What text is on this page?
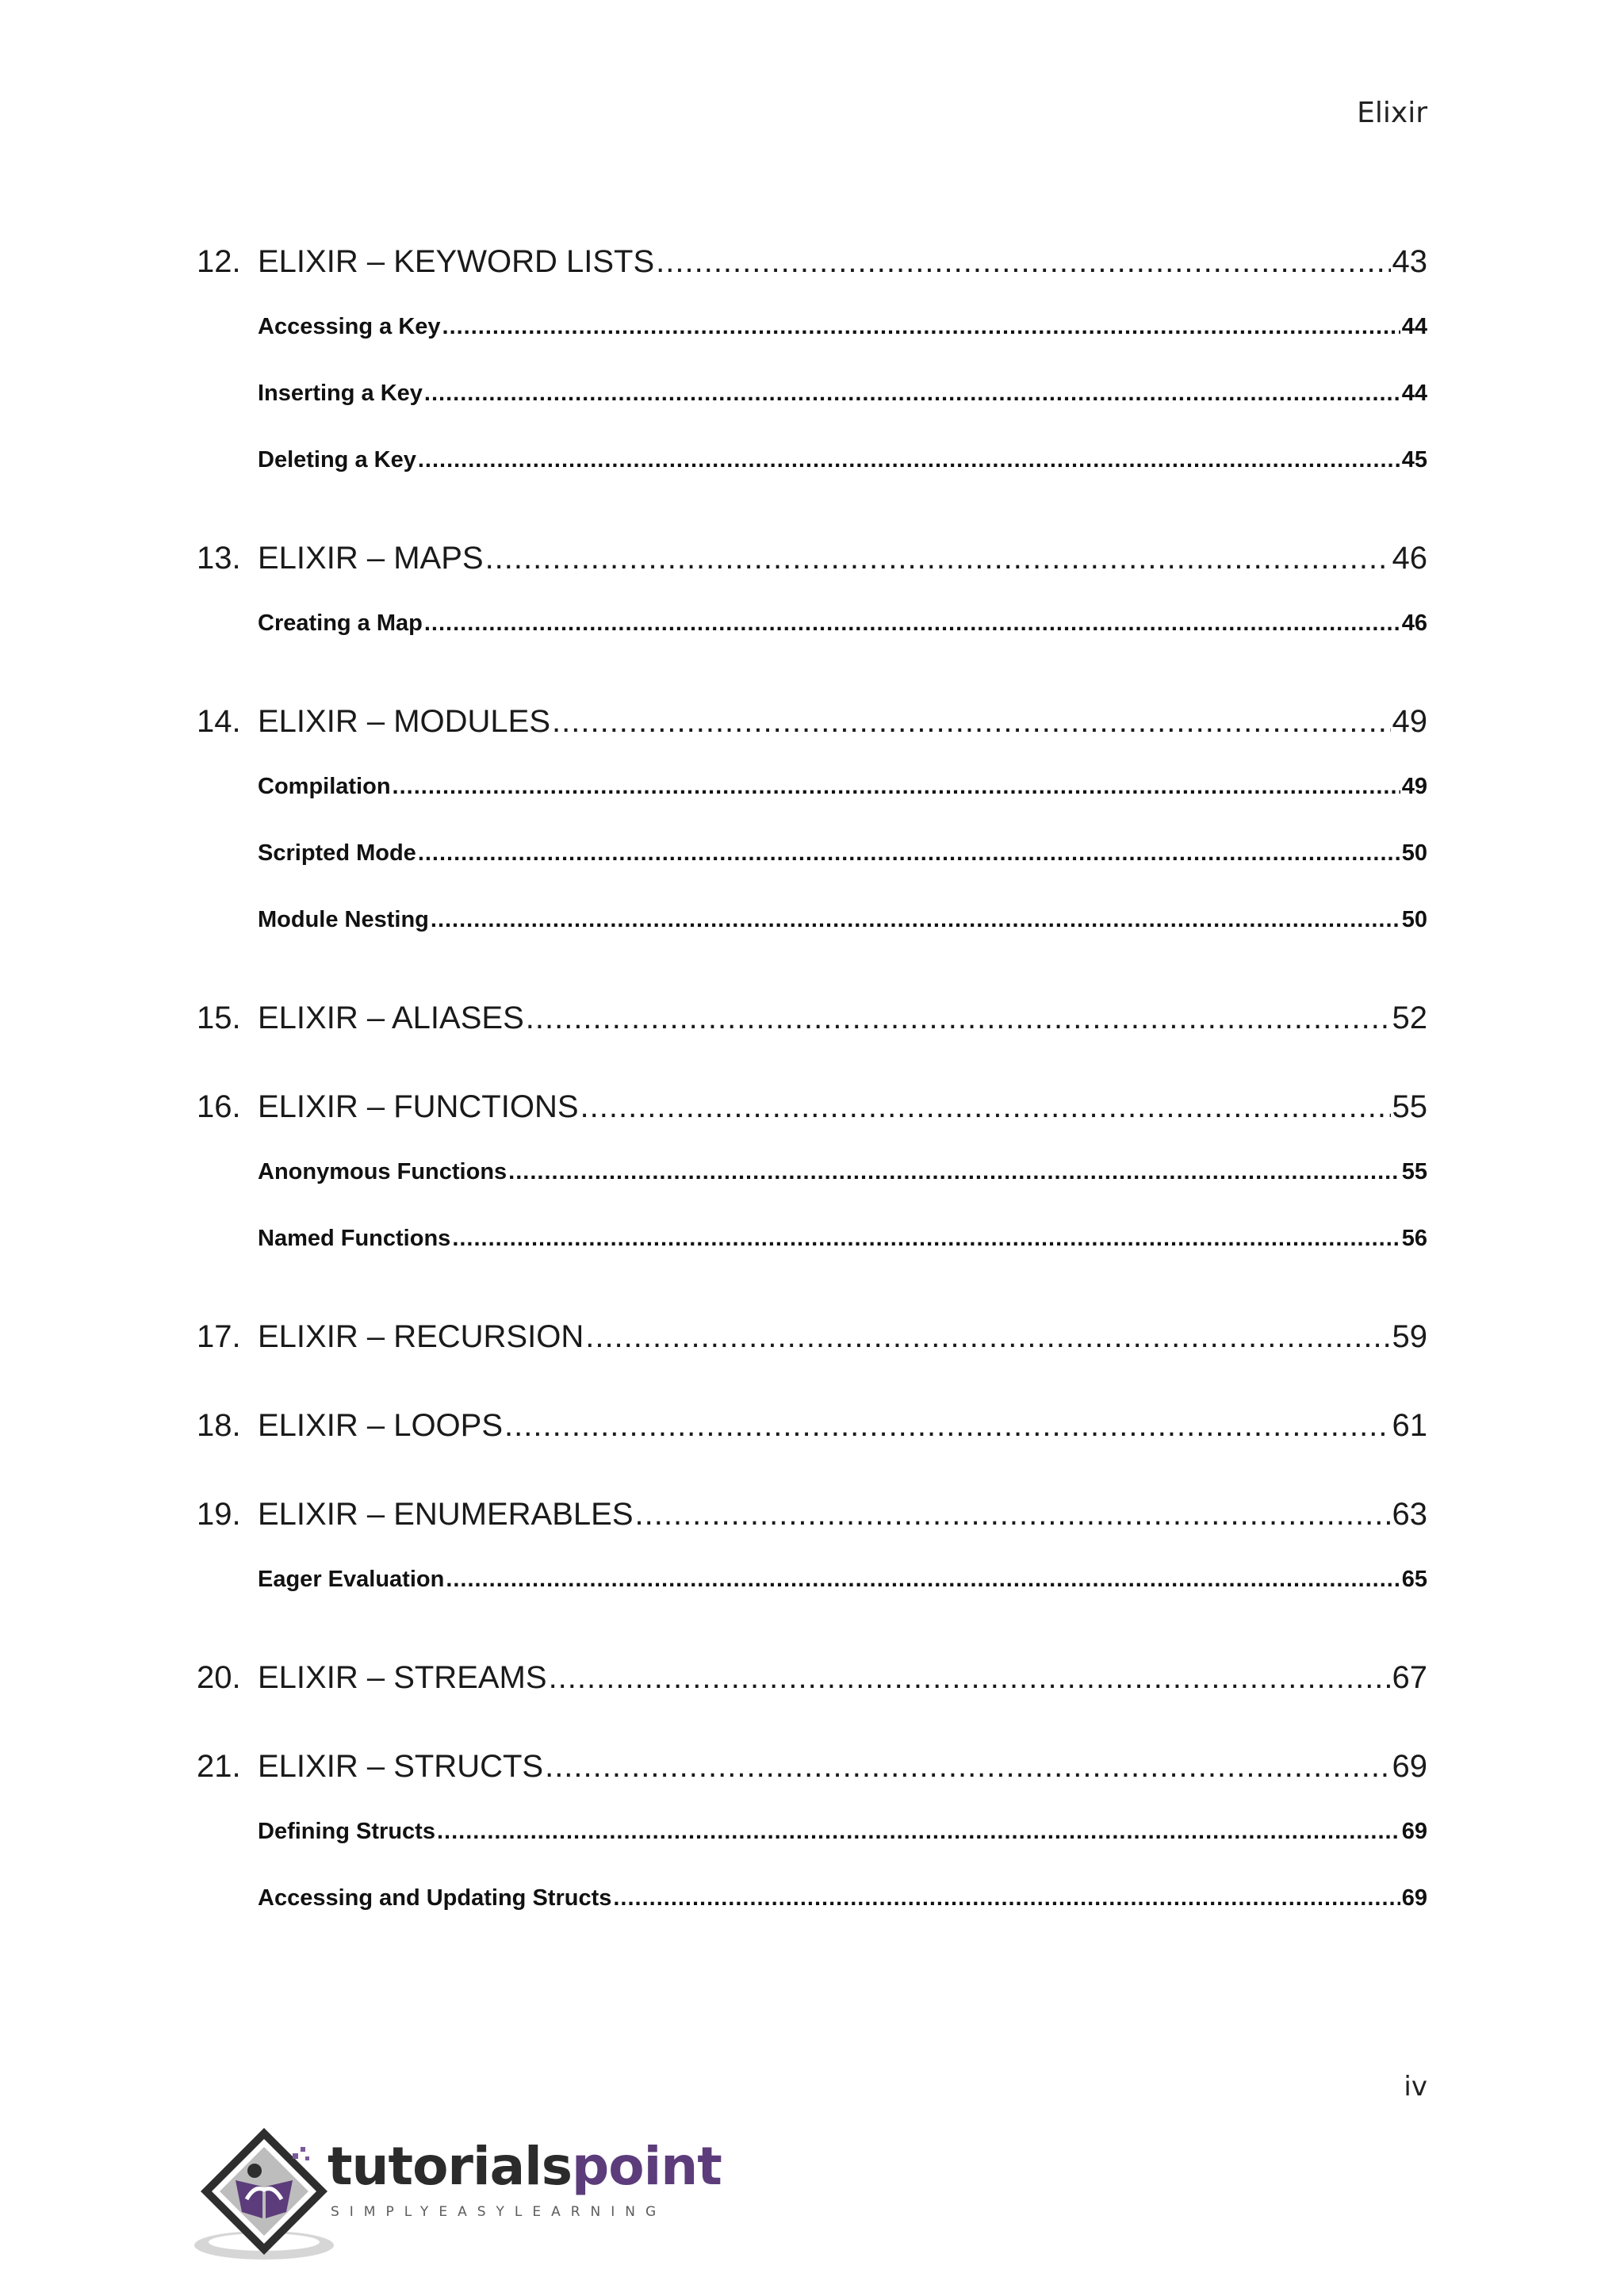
Elixir
12. ELIXIR – KEYWORD LISTS .....	43
Accessing a Key .....	44
Inserting a Key .....	44
Deleting a Key .....	45
13. ELIXIR – MAPS .....	46
Creating a Map .....	46
14. ELIXIR – MODULES .....	49
Compilation .....	49
Scripted Mode .....	50
Module Nesting .....	50
15. ELIXIR – ALIASES .....	52
16. ELIXIR – FUNCTIONS .....	55
Anonymous Functions .....	55
Named Functions .....	56
17. ELIXIR – RECURSION .....	59
18. ELIXIR – LOOPS .....	61
19. ELIXIR – ENUMERABLES .....	63
Eager Evaluation .....	65
20. ELIXIR – STREAMS .....	67
21. ELIXIR – STRUCTS .....	69
Defining Structs .....	69
Accessing and Updating Structs .....	69
iv
tutorialspoint
SIMPLYEASYLEARNING
